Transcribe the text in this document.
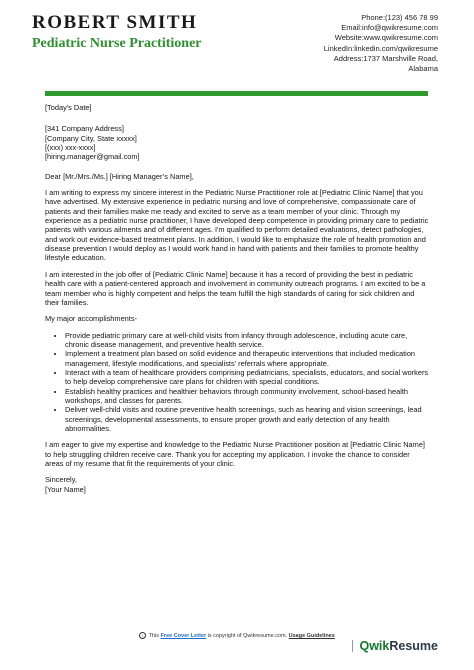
ROBERT SMITH
Pediatric Nurse Practitioner
Phone:(123) 456 78 99
Email:info@qwikresume.com
Website:www.qwikresume.com
LinkedIn:linkedin.com/qwikresume
Address:1737 Marshville Road,
Alabama

[Today's Date]

[341 Company Address]
[Company City, State xxxxx]
[(xxx) xxx-xxxx]
[hiring.manager@gmail.com]

Dear [Mr./Mrs./Ms.] [Hiring Manager’s Name],

I am writing to express my sincere interest in the Pediatric Nurse Practitioner role at [Pediatric Clinic Name] that you have advertised. My extensive experience in pediatric nursing and love of comprehensive, compassionate care of patients and their families make me ready and excited to serve as a team member of your clinic. Through my experience as a pediatric nurse practitioner, I have developed deep competence in providing primary care to pediatric patients with various ailments and of different ages. I'm qualified to perform detailed evaluations, detect pathologies, and work out evidence-based treatment plans. In addition, I would like to emphasize the role of health promotion and disease prevention I would deploy as I would work hand in hand with patients and their families to promote healthy lifestyle education.

I am interested in the job offer of [Pediatric Clinic Name] because it has a record of providing the best in pediatric health care with a patient-centered approach and involvement in community outreach programs. I am excited to be a team member who is highly competent and helps the team fulfill the high standards of caring for sick children and their families.

My major accomplishments-

• Provide pediatric primary care at well-child visits from infancy through adolescence, including acute care, chronic disease management, and preventive health service.
• Implement a treatment plan based on solid evidence and therapeutic interventions that included medication management, lifestyle modifications, and specialists' referrals where appropriate.
• Interact with a team of healthcare providers comprising pediatricians, specialists, educators, and social workers to help develop comprehensive care plans for children with special conditions.
• Establish healthy practices and healthier behaviors through community involvement, school-based health workshops, and classes for parents.
• Deliver well-child visits and routine preventive health screenings, such as hearing and vision screenings, lead screenings, developmental assessments, to ensure proper growth and early detection of any health abnormalities.

I am eager to give my expertise and knowledge to the Pediatric Nurse Practitioner position at [Pediatric Clinic Name] to help struggling children receive care. Thank you for accepting my application. I invoke the chance to consider areas of my resume that fit the requirements of your clinic.

Sincerely,
[Your Name]
i This Free Cover Letter is copyright of Qwikresume.com. Usage Guidelines
Qwik Resume
